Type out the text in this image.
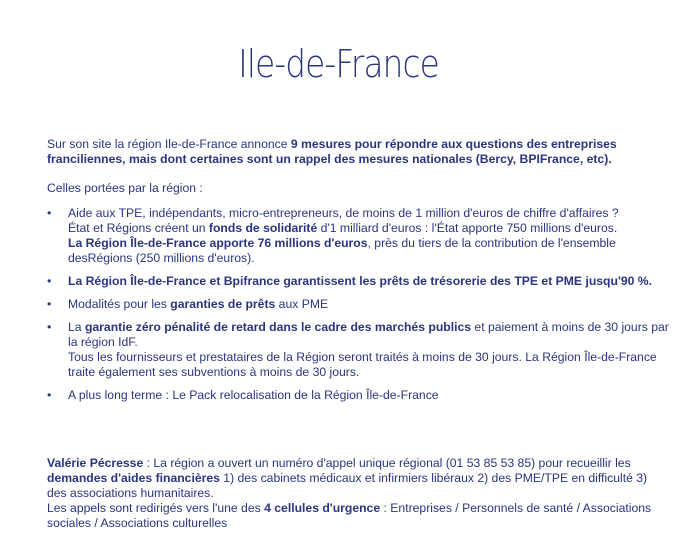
Ile-de-France

Sur son site la région Ile-de-France annonce 9 mesures pour répondre aux questions des entreprises franciliennes, mais dont certaines sont un rappel des mesures nationales (Bercy, BPIFrance, etc).

Celles portées par la région :

• Aide aux TPE, indépendants, micro-entrepreneurs, de moins de 1 million d'euros de chiffre d'affaires ?
État et Régions créent un fonds de solidarité d'1 milliard d'euros : l'État apporte 750 millions d'euros.
La Région Île-de-France apporte 76 millions d'euros, près du tiers de la contribution de l'ensemble desRégions (250 millions d'euros).

• La Région Île-de-France et Bpifrance garantissent les prêts de trésorerie des TPE et PME jusqu'90 %.

• Modalités pour les garanties de prêts aux PME

• La garantie zéro pénalité de retard dans le cadre des marchés publics et paiement à moins de 30 jours par la région IdF.
Tous les fournisseurs et prestataires de la Région seront traités à moins de 30 jours. La Région Île-de-France traite également ses subventions à moins de 30 jours.

• A plus long terme : Le Pack relocalisation de la Région Île-de-France

Valérie Pécresse : La région a ouvert un numéro d'appel unique régional (01 53 85 53 85) pour recueillir les demandes d'aides financières 1) des cabinets médicaux et infirmiers libéraux 2) des PME/TPE en difficulté 3) des associations humanitaires.
Les appels sont redirigés vers l'une des 4 cellules d'urgence : Entreprises / Personnels de santé / Associations sociales / Associations culturelles
